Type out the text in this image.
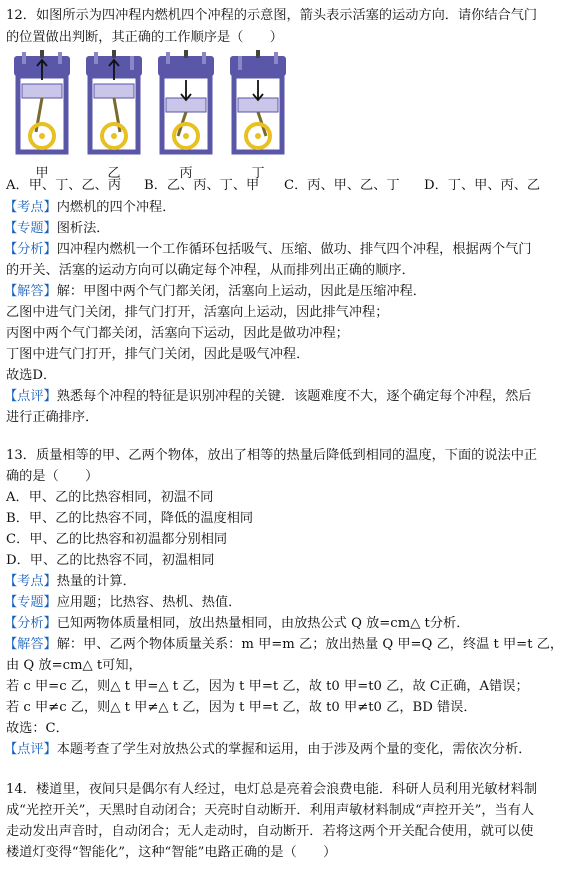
12．如图所示为四冲程内燃机四个冲程的示意图，箭头表示活塞的运动方向．请你结合气门
的位置做出判断，其正确的工作顺序是（　　）
甲	乙	丙	丁
A．甲、丁、乙、丙 B．乙、丙、丁、甲 C．丙、甲、乙、丁 D．丁、甲、丙、乙
【考点】内燃机的四个冲程．
【专题】图析法．
【分析】四冲程内燃机一个工作循环包括吸气、压缩、做功、排气四个冲程，根据两个气门
的开关、活塞的运动方向可以确定每个冲程，从而排列出正确的顺序．
【解答】解：甲图中两个气门都关闭，活塞向上运动，因此是压缩冲程．
乙图中进气门关闭，排气门打开，活塞向上运动，因此排气冲程；
丙图中两个气门都关闭，活塞向下运动，因此是做功冲程；
丁图中进气门打开，排气门关闭，因此是吸气冲程．
故选D．
【点评】熟悉每个冲程的特征是识别冲程的关键．该题难度不大，逐个确定每个冲程，然后
进行正确排序．
13．质量相等的甲、乙两个物体，放出了相等的热量后降低到相同的温度，下面的说法中正
确的是（　　）
A．甲、乙的比热容相同，初温不同
B．甲、乙的比热容不同，降低的温度相同
C．甲、乙的比热容和初温都分别相同
D．甲、乙的比热容不同，初温相同
【考点】热量的计算．
【专题】应用题；比热容、热机、热值．
【分析】已知两物体质量相同，放出热量相同，由放热公式 Q 放=cm△ t分析．
【解答】解：甲、乙两个物体质量关系：m 甲=m 乙；放出热量 Q 甲=Q 乙，终温 t 甲=t 乙，
由 Q 放=cm△ t可知，
若 c 甲=c 乙，则△ t 甲=△ t 乙，因为 t 甲=t 乙，故 t0 甲=t0 乙，故 C正确，A错误；
若 c 甲≠c 乙，则△ t 甲≠△ t 乙，因为 t 甲=t 乙，故 t0 甲≠t0 乙，BD 错误．
故选：C．
【点评】本题考查了学生对放热公式的掌握和运用，由于涉及两个量的变化，需依次分析．
14．楼道里，夜间只是偶尔有人经过，电灯总是亮着会浪费电能．科研人员利用光敏材料制
成“光控开关”，天黑时自动闭合；天亮时自动断开．利用声敏材料制成“声控开关”，当有人
走动发出声音时，自动闭合；无人走动时，自动断开．若将这两个开关配合使用，就可以使
楼道灯变得“智能化”，这种“智能”电路正确的是（　　）
